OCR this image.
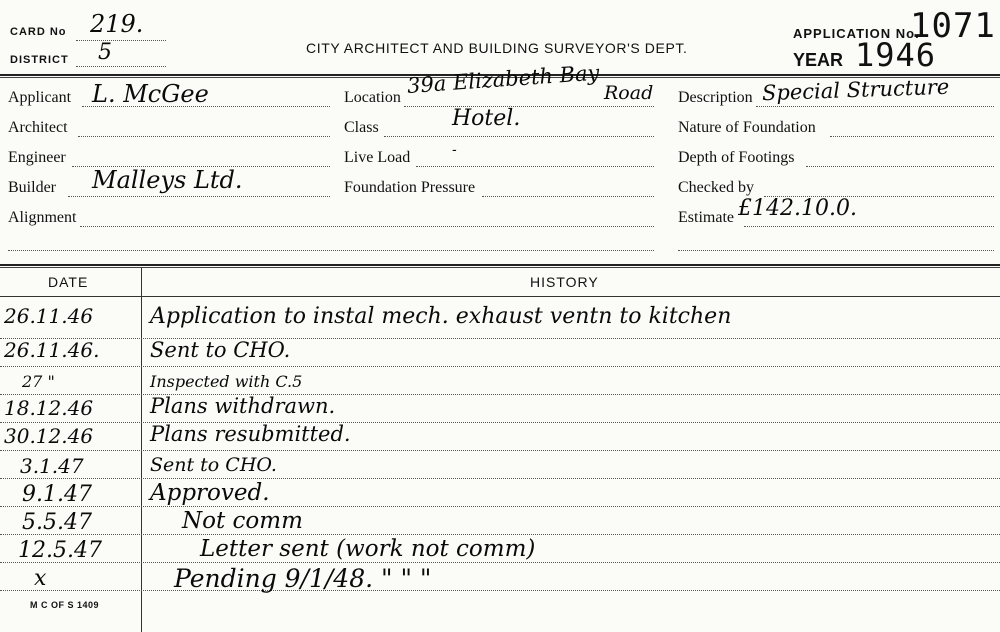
CARD No 219.
DISTRICT 5	CITY ARCHITECT AND BUILDING SURVEYOR'S DEPT.
APPLICATION No.
1071
YEAR 1946
Applicant L. McGee
Architect
Engineer
Builder Malleys Ltd.
Alignment
Location 39a Elizabeth Bay Road
Class	Hotel.
Live Load	-
Foundation Pressure
Description Special Structure
Nature of Foundation
Depth of Footings
Checked by
Estimate £142.10.0.
DATE	HISTORY
26.11.46	Application to instal mech. exhaust ventn to kitchen
26.11.46.	Sent to CHO.
27 "	Inspected with C.5
18.12.46	Plans withdrawn.
30.12.46	Plans resubmitted.
3.1.47	Sent to CHO.
9.1.47	Approved.
5.5.47	Not comm
12.5.47	Letter sent (work not comm)
x	Pending 9/1/48. " " "
M C OF S 1409
